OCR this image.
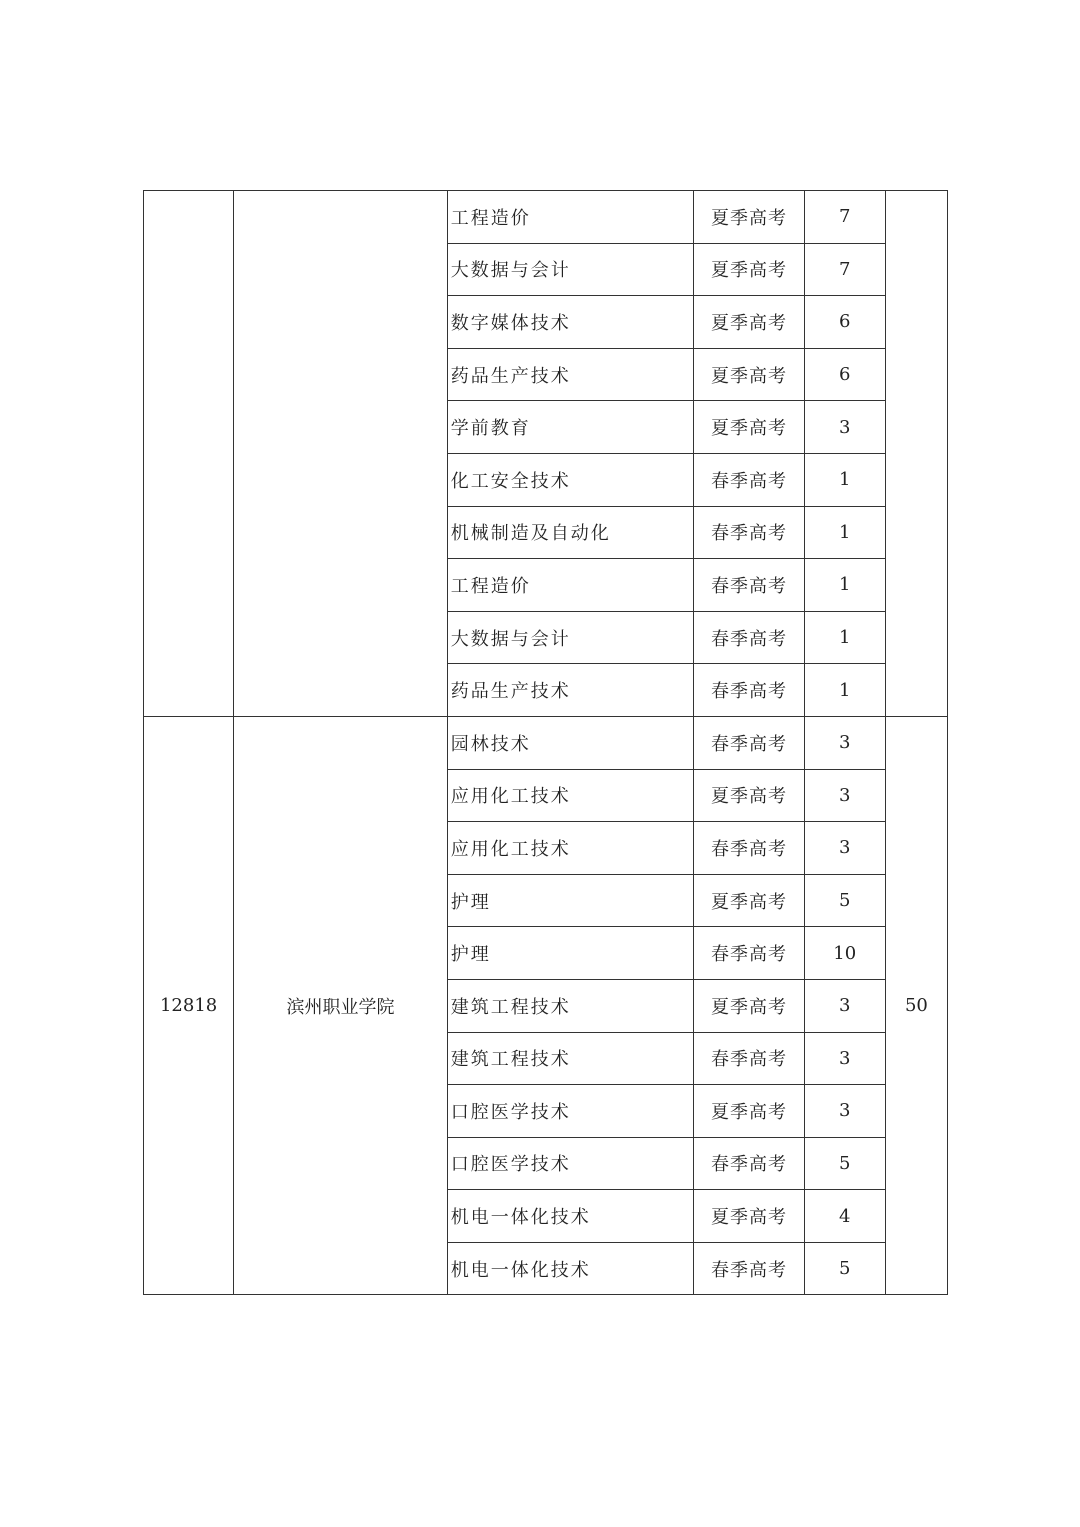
		工程造价	夏季高考	7	
		大数据与会计	夏季高考	7	
		数字媒体技术	夏季高考	6	
		药品生产技术	夏季高考	6	
		学前教育	夏季高考	3	
		化工安全技术	春季高考	1	
		机械制造及自动化	春季高考	1	
		工程造价	春季高考	1	
		大数据与会计	春季高考	1	
		药品生产技术	春季高考	1	
12818	滨州职业学院	园林技术	春季高考	3	50
		应用化工技术	夏季高考	3	
		应用化工技术	春季高考	3	
		护理	夏季高考	5	
		护理	春季高考	10	
		建筑工程技术	夏季高考	3	
		建筑工程技术	春季高考	3	
		口腔医学技术	夏季高考	3	
		口腔医学技术	春季高考	5	
		机电一体化技术	夏季高考	4	
		机电一体化技术	春季高考	5	
